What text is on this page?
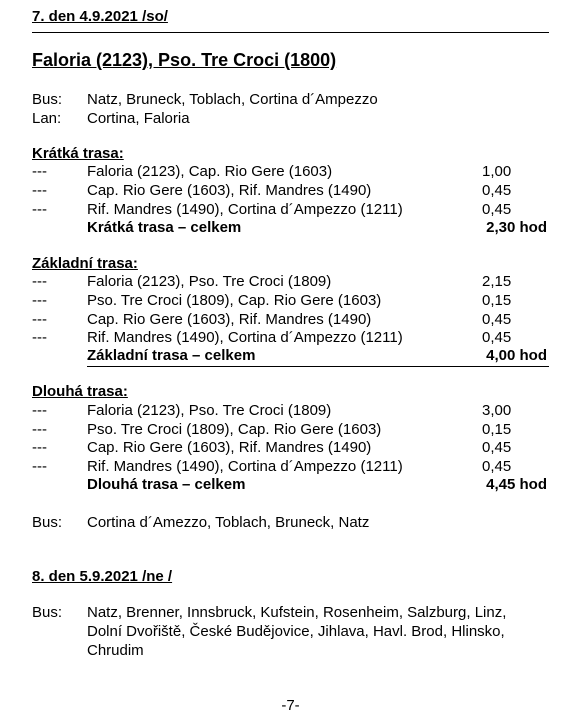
7. den 4.9.2021 /so/
Faloria (2123), Pso. Tre Croci (1800)
Bus: Natz, Bruneck, Toblach, Cortina d´Ampezzo
Lan: Cortina, Faloria
Krátká trasa:
---	Faloria (2123), Cap. Rio Gere (1603)	1,00
---	Cap. Rio Gere (1603), Rif. Mandres (1490)	0,45
---	Rif. Mandres (1490), Cortina d´Ampezzo (1211)	0,45
Krátká trasa – celkem	2,30 hod
Základní trasa:
---	Faloria (2123), Pso. Tre Croci (1809)	2,15
---	Pso. Tre Croci (1809), Cap. Rio Gere (1603)	0,15
---	Cap. Rio Gere (1603), Rif. Mandres (1490)	0,45
---	Rif. Mandres (1490), Cortina d´Ampezzo (1211)	0,45
Základní trasa – celkem	4,00 hod
Dlouhá trasa:
---	Faloria (2123), Pso. Tre Croci (1809)	3,00
---	Pso. Tre Croci (1809), Cap. Rio Gere (1603)	0,15
---	Cap. Rio Gere (1603), Rif. Mandres (1490)	0,45
---	Rif. Mandres (1490), Cortina d´Ampezzo (1211)	0,45
Dlouhá trasa – celkem	4,45 hod
Bus: Cortina d´Amezzo, Toblach, Bruneck, Natz
8. den 5.9.2021 /ne /
Bus: Natz, Brenner, Innsbruck, Kufstein, Rosenheim, Salzburg, Linz,
Dolní Dvořiště, České Budějovice, Jihlava, Havl. Brod, Hlinsko,
Chrudim
-7-
